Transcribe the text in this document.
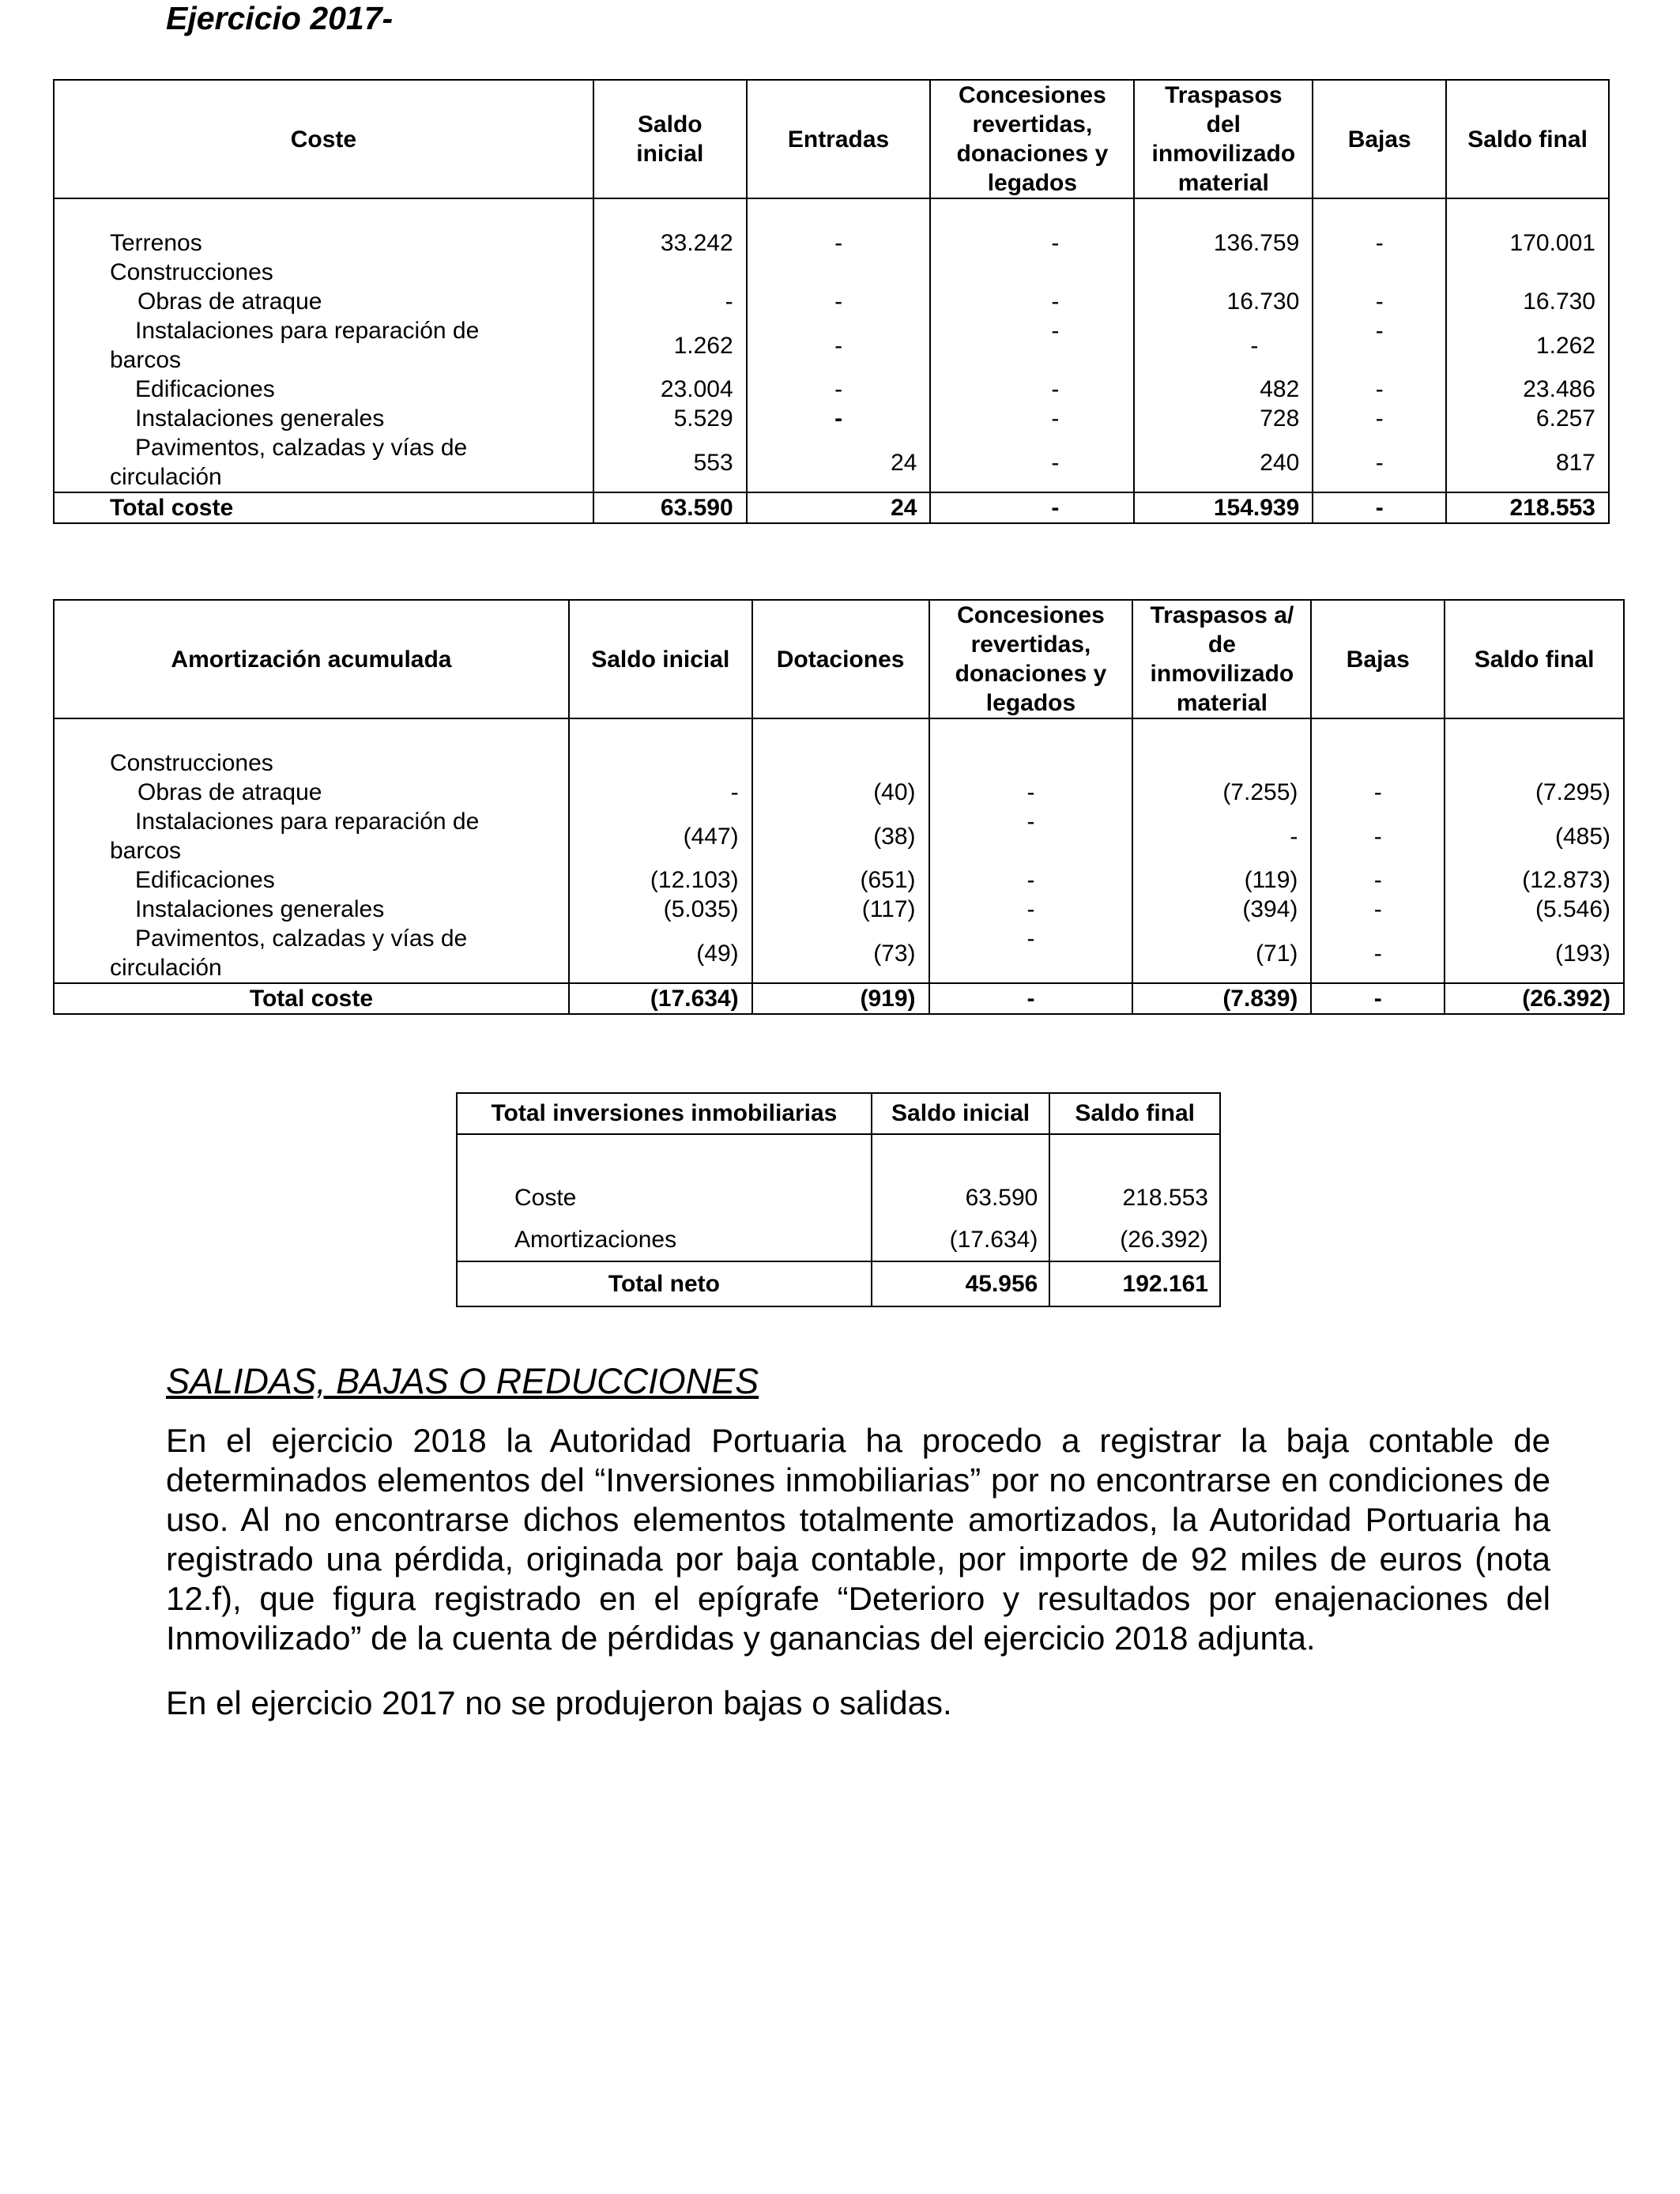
Ejercicio 2017-
Coste	Saldo inicial	Entradas	Concesiones revertidas, donaciones y legados	Traspasos del inmovilizado material	Bajas	Saldo final

Terrenos	33.242	-	-	136.759	-	170.001
Construcciones						
Obras de atraque	-	-	-	16.730	-	16.730

Instalaciones para reparación de
barcos	1.262	-	-	-	-	1.262
Edificaciones	23.004	-	-	482	-	23.486
Instalaciones generales	5.529	-	-	728	-	6.257

Pavimentos, calzadas y vías de
circulación	553	24	-	240	-	817
Total coste	63.590	24	-	154.939	-	218.553
Amortización acumulada	Saldo inicial	Dotaciones	Concesiones revertidas, donaciones y legados	Traspasos a/ de inmovilizado material	Bajas	Saldo final

Construcciones						
Obras de atraque	-	(40)	-	(7.255)	-	(7.295)

Instalaciones para reparación de
barcos	(447)	(38)	-	-	-	(485)
Edificaciones	(12.103)	(651)	-	(119)	-	(12.873)
Instalaciones generales	(5.035)	(117)	-	(394)	-	(5.546)

Pavimentos, calzadas y vías de
circulación	(49)	(73)	-	(71)	-	(193)
Total coste	(17.634)	(919)	-	(7.839)	-	(26.392)
Total inversiones inmobiliarias	Saldo inicial	Saldo final

Coste	63.590	218.553
Amortizaciones	(17.634)	(26.392)
Total neto	45.956	192.161
SALIDAS, BAJAS O REDUCCIONES
En el ejercicio 2018 la Autoridad Portuaria ha procedo a registrar la baja contable de determinados elementos del “Inversiones inmobiliarias” por no encontrarse en condiciones de uso. Al no encontrarse dichos elementos totalmente amortizados, la Autoridad Portuaria ha registrado una pérdida, originada por baja contable, por importe de 92 miles de euros (nota 12.f), que figura registrado en el epígrafe “Deterioro y resultados por enajenaciones del Inmovilizado” de la cuenta de pérdidas y ganancias del ejercicio 2018 adjunta.
En el ejercicio 2017 no se produjeron bajas o salidas.
